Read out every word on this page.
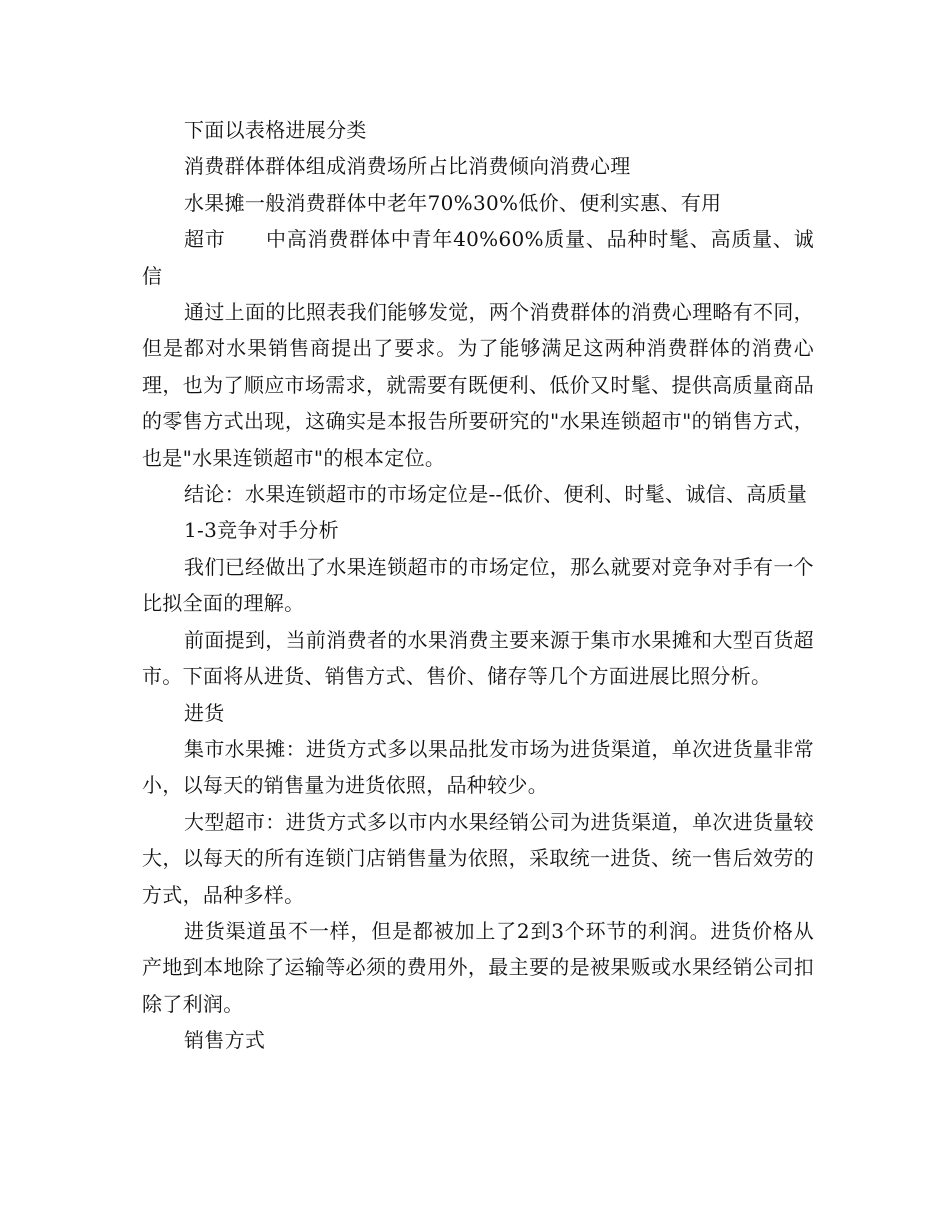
下面以表格进展分类

消费群体群体组成消费场所占比消费倾向消费心理

水果摊一般消费群体中老年70%30%低价、便利实惠、有用

超市 中高消费群体中青年40%60%质量、品种时髦、高质量、诚信

通过上面的比照表我们能够发觉，两个消费群体的消费心理略有不同，但是都对水果销售商提出了要求。为了能够满足这两种消费群体的消费心理，也为了顺应市场需求，就需要有既便利、低价又时髦、提供高质量商品的零售方式出现，这确实是本报告所要研究的"水果连锁超市"的销售方式，也是"水果连锁超市"的根本定位。

结论：水果连锁超市的市场定位是--低价、便利、时髦、诚信、高质量

1-3竞争对手分析

我们已经做出了水果连锁超市的市场定位，那么就要对竞争对手有一个比拟全面的理解。

前面提到，当前消费者的水果消费主要来源于集市水果摊和大型百货超市。下面将从进货、销售方式、售价、储存等几个方面进展比照分析。

进货

集市水果摊：进货方式多以果品批发市场为进货渠道，单次进货量非常小，以每天的销售量为进货依照，品种较少。

大型超市：进货方式多以市内水果经销公司为进货渠道，单次进货量较大，以每天的所有连锁门店销售量为依照，采取统一进货、统一售后效劳的方式，品种多样。

进货渠道虽不一样，但是都被加上了2到3个环节的利润。进货价格从产地到本地除了运输等必须的费用外，最主要的是被果贩或水果经销公司扣除了利润。

销售方式
